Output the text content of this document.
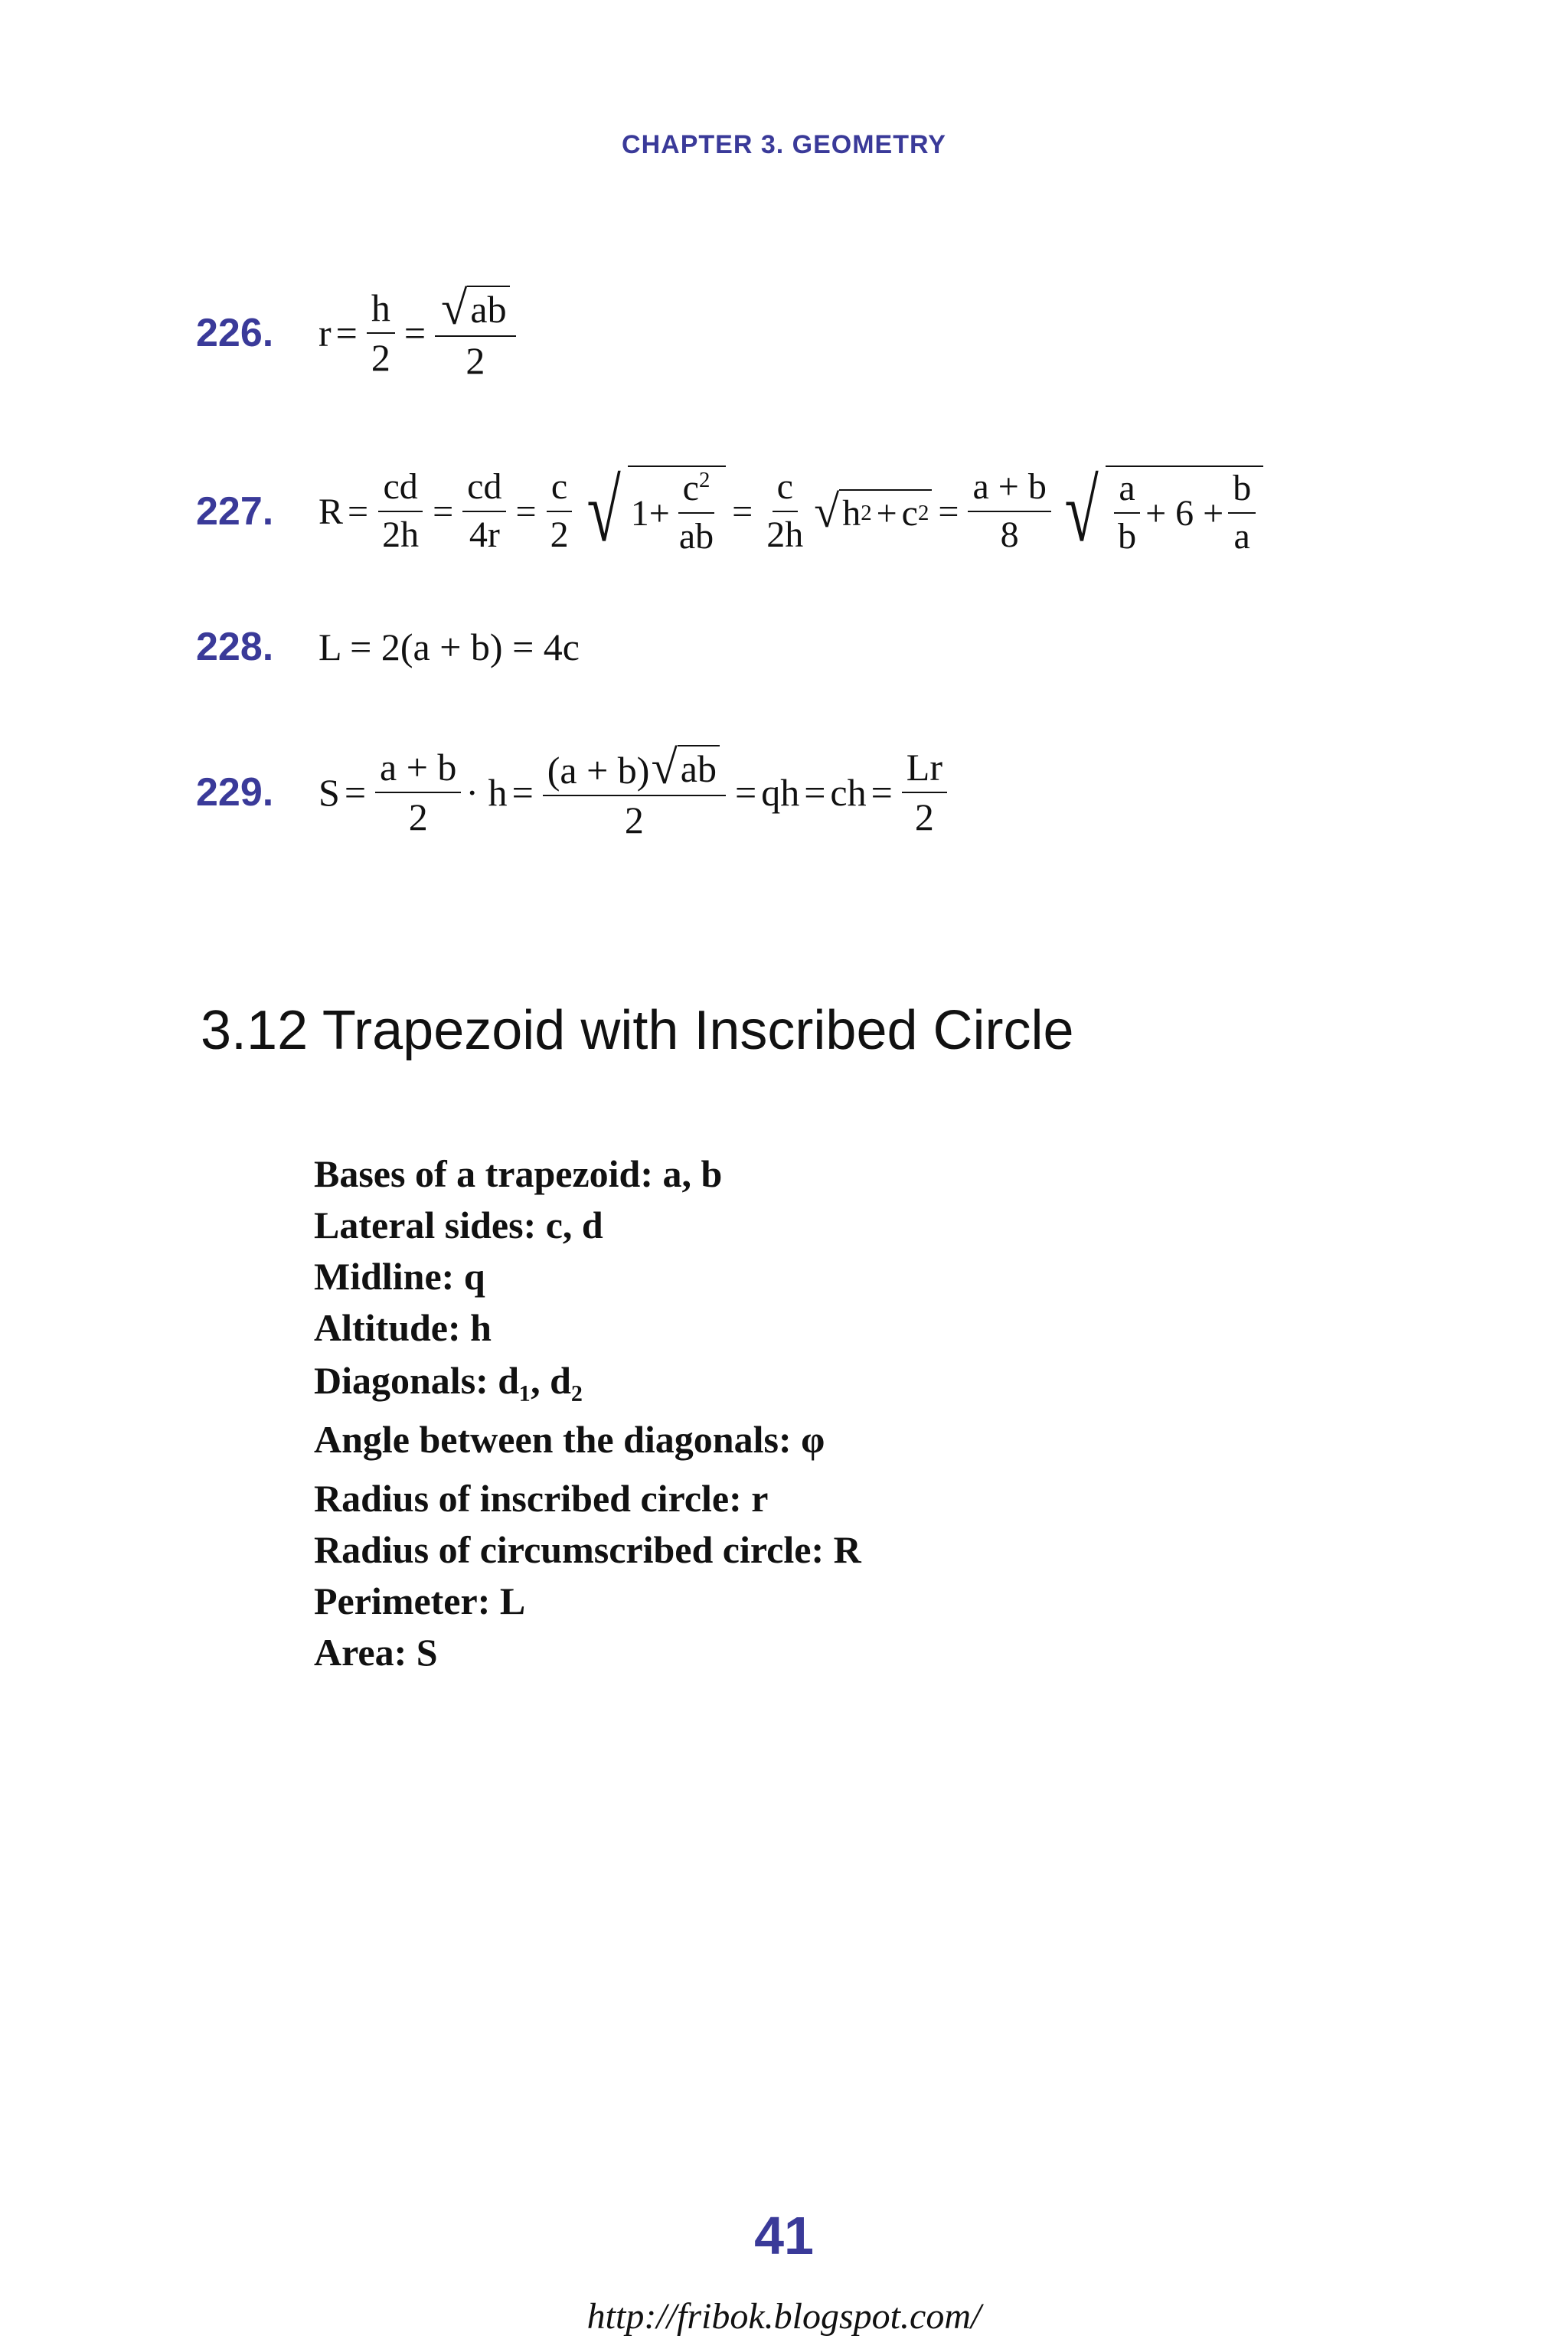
CHAPTER 3. GEOMETRY
226. $r = \frac{h}{2} = \frac{√ ab}{2}$
227. $R = \frac{cd}{2h} = \frac{cd}{4r} = \frac{c}{2}$ √ $1+ \frac{c^2}{ab} = \frac{c}{2h}$ √ h 2 + c $2 = \frac{a + b}{8}$ √ $\frac{a}{b} + 6 + \frac{b}{a}$
228. L = 2(a + b) = 4c
229. $S = \frac{a + b}{2} \cdot h = \frac{(a + b) √ ab}{2}$ = qh = ch = $\frac{Lr}{2}$
3.12 Trapezoid with Inscribed Circle
Bases of a trapezoid: a, b
Lateral sides: c, d
Midline: q
Altitude: h
Diagonals: d₁, d₂
Angle between the diagonals: φ
Radius of inscribed circle: r
Radius of circumscribed circle: R
Perimeter: L
Area: S
41
http://fribok.blogspot.com/
